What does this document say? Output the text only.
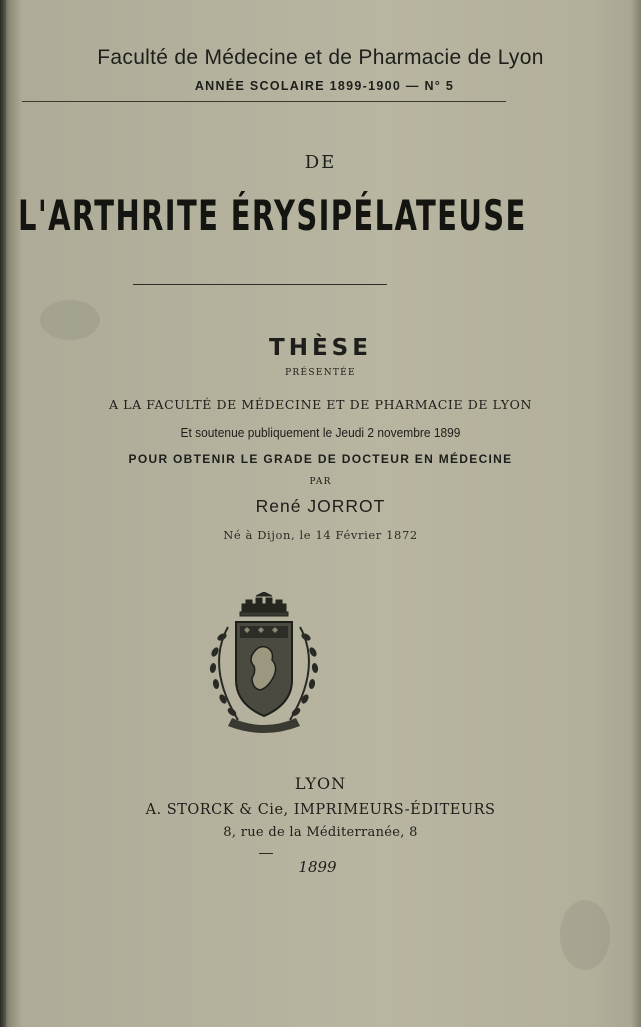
Faculté de Médecine et de Pharmacie de Lyon
ANNÉE SCOLAIRE 1899-1900 — N° 5
DE
L'ARTHRITE ÉRYSIPÉLATEUSE
THÈSE
PRÉSENTÉE
A LA FACULTÉ DE MÉDECINE ET DE PHARMACIE DE LYON
Et soutenue publiquement le Jeudi 2 novembre 1899
POUR OBTENIR LE GRADE DE DOCTEUR EN MÉDECINE
PAR
René JORROT
Né à Dijon, le 14 Février 1872
LYON
A. STORCK & Cie, IMPRIMEURS-ÉDITEURS
8, rue de la Méditerranée, 8
1899
